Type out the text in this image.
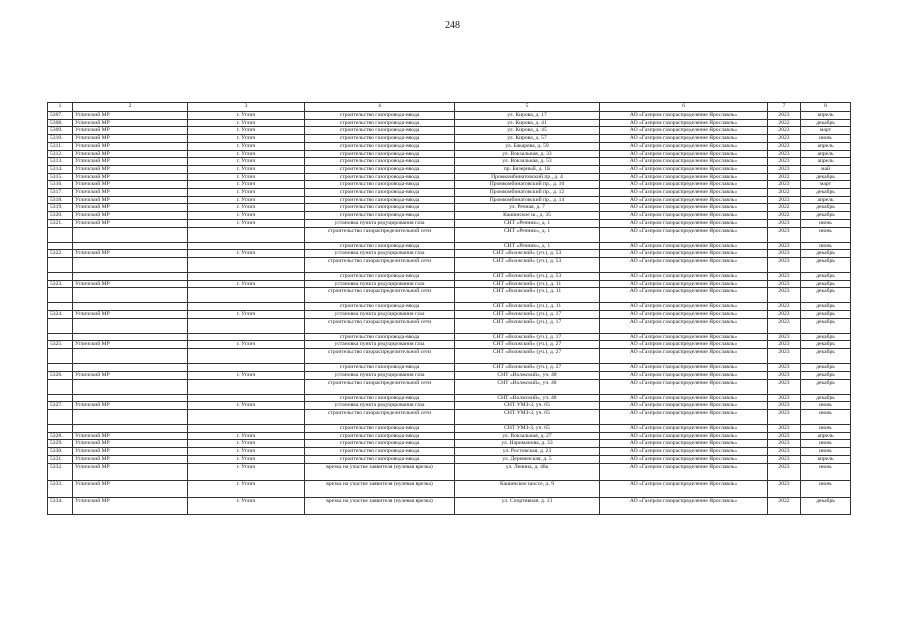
248
1	2	3	4	5	6	7	8
5307.	Угличский МР	г. Углич	строительство газопровода-ввода	ул. Кирова, д. 17	АО «Газпром газораспределение Ярославль»	2023	апрель
5308.	Угличский МР	г. Углич	строительство газопровода-ввода	ул. Кирова, д. 41	АО «Газпром газораспределение Ярославль»	2022	декабрь
5309.	Угличский МР	г. Углич	строительство газопровода-ввода	ул. Кирова, д. 45	АО «Газпром газораспределение Ярославль»	2023	март
5310.	Угличский МР	г. Углич	строительство газопровода-ввода	ул. Кирова, д. 57	АО «Газпром газораспределение Ярославль»	2023	июнь
5311.	Угличский МР	г. Углич	строительство газопровода-ввода	ул. Бакарева, д. 59	АО «Газпром газораспределение Ярославль»	2023	апрель
5312.	Угличский МР	г. Углич	строительство газопровода-ввода	ул. Вокзальная, д. 33	АО «Газпром газораспределение Ярославль»	2023	апрель
5313.	Угличский МР	г. Углич	строительство газопровода-ввода	ул. Вокзальная, д. 53	АО «Газпром газораспределение Ярославль»	2023	апрель
5314.	Угличский МР	г. Углич	строительство газопровода-ввода	пр. Бизерный, д. 1Б	АО «Газпром газораспределение Ярославль»	2023	май
5315.	Угличский МР	г. Углич	строительство газопровода-ввода	Промкомбинатовский пр., д. 4	АО «Газпром газораспределение Ярославль»	2022	декабрь
5316.	Угличский МР	г. Углич	строительство газопровода-ввода	Промкомбинатовский пр., д. 10	АО «Газпром газораспределение Ярославль»	2023	март
5317.	Угличский МР	г. Углич	строительство газопровода-ввода	Промкомбинатовский пр., д. 12	АО «Газпром газораспределение Ярославль»	2022	декабрь
5318.	Угличский МР	г. Углич	строительство газопровода-ввода	Промкомбинатовский пр., д. 14	АО «Газпром газораспределение Ярославль»	2023	апрель
5319.	Угличский МР	г. Углич	строительство газопровода-ввода	ул. Речная, д. 7	АО «Газпром газораспределение Ярославль»	2022	декабрь
5320.	Угличский МР	г. Углич	строительство газопровода-ввода	Кашинское ш., д. 35	АО «Газпром газораспределение Ярославль»	2022	декабрь
5321.	Угличский МР	г. Углич	установка пункта редуцирования газа	СНТ «Речник», д. 1	АО «Газпром газораспределение Ярославль»	2023	июнь
			строительство газораспределительной сети	СНТ «Речник», д. 1	АО «Газпром газораспределение Ярославль»	2023	июнь
			строительство газопровода-ввода	СНТ «Речник», д. 1	АО «Газпром газораспределение Ярославль»	2023	июнь
5322.	Угличский МР	г. Углич	установка пункта редуцирования газа	СНТ «Волжский» (уч.), д. 53	АО «Газпром газораспределение Ярославль»	2023	декабрь
			строительство газораспределительной сети	СНТ «Волжский» (уч.), д. 53	АО «Газпром газораспределение Ярославль»	2023	декабрь
			строительство газопровода-ввода	СНТ «Волжский» (уч.), д. 53	АО «Газпром газораспределение Ярославль»	2023	декабрь
5323.	Угличский МР	г. Углич	установка пункта редуцирования газа	СНТ «Волжский» (уч.), д. 11	АО «Газпром газораспределение Ярославль»	2023	декабрь
			строительство газораспределительной сети	СНТ «Волжский» (уч.), д. 11	АО «Газпром газораспределение Ярославль»	2023	декабрь
			строительство газопровода-ввода	СНТ «Волжский» (уч.), д. 11	АО «Газпром газораспределение Ярославль»	2023	декабрь
5324.	Угличский МР	г. Углич	установка пункта редуцирования газа	СНТ «Волжский» (уч.), д. 17	АО «Газпром газораспределение Ярославль»	2023	декабрь
			строительство газораспределительной сети	СНТ «Волжский» (уч.), д. 17	АО «Газпром газораспределение Ярославль»	2023	декабрь
			строительство газопровода-ввода	СНТ «Волжский» (уч.), д. 17	АО «Газпром газораспределение Ярославль»	2023	декабрь
5325.	Угличский МР	г. Углич	установка пункта редуцирования газа	СНТ «Волжский» (уч.), д. 27	АО «Газпром газораспределение Ярославль»	2023	декабрь
			строительство газораспределительной сети	СНТ «Волжский» (уч.), д. 27	АО «Газпром газораспределение Ярославль»	2023	декабрь
			строительство газопровода-ввода	СНТ «Волжский» (уч.), д. 27	АО «Газпром газораспределение Ярославль»	2023	декабрь
5326.	Угличский МР	г. Углич	установка пункта редуцирования газа	СНТ «Волжский», уч. 48	АО «Газпром газораспределение Ярославль»	2023	декабрь
			строительство газораспределительной сети	СНТ «Волжский», уч. 48	АО «Газпром газораспределение Ярославль»	2023	декабрь
			строительство газопровода-ввода	СНТ «Волжский», уч. 48	АО «Газпром газораспределение Ярославль»	2023	декабрь
5327.	Угличский МР	г. Углич	установка пункта редуцирования газа	СНТ УМЗ-3, уч. 65	АО «Газпром газораспределение Ярославль»	2023	июнь
			строительство газораспределительной сети	СНТ УМЗ-3, уч. 65	АО «Газпром газораспределение Ярославль»	2023	июнь
			строительство газопровода-ввода	СНТ УМЗ-3, уч. 65	АО «Газпром газораспределение Ярославль»	2023	июнь
5328.	Угличский МР	г. Углич	строительство газопровода-ввода	ул. Вокзальная, д. 27	АО «Газпром газораспределение Ярославль»	2023	апрель
5329.	Угличский МР	г. Углич	строительство газопровода-ввода	ул. Нариманова, д. 33	АО «Газпром газораспределение Ярославль»	2023	июнь
5330.	Угличский МР	г. Углич	строительство газопровода-ввода	ул. Ростовская, д. 23	АО «Газпром газораспределение Ярославль»	2023	июнь
5331.	Угличский МР	г. Углич	строительство газопровода-ввода	ул. Деревенская, д. 5	АО «Газпром газораспределение Ярославль»	2023	апрель
5332.	Угличский МР	г. Углич	врезка на участке заявителя (нулевая врезка)	ул. Ленина, д. 48а	АО «Газпром газораспределение Ярославль»	2023	июнь
5333.	Угличский МР	г. Углич	врезка на участке заявителя (нулевая врезка)	Кашинское шоссе, д. 9	АО «Газпром газораспределение Ярославль»	2023	июнь
5334.	Угличский МР	г. Углич	врезка на участке заявителя (нулевая врезка)	ул. Спортивная, д. 13	АО «Газпром газораспределение Ярославль»	2022	декабрь
